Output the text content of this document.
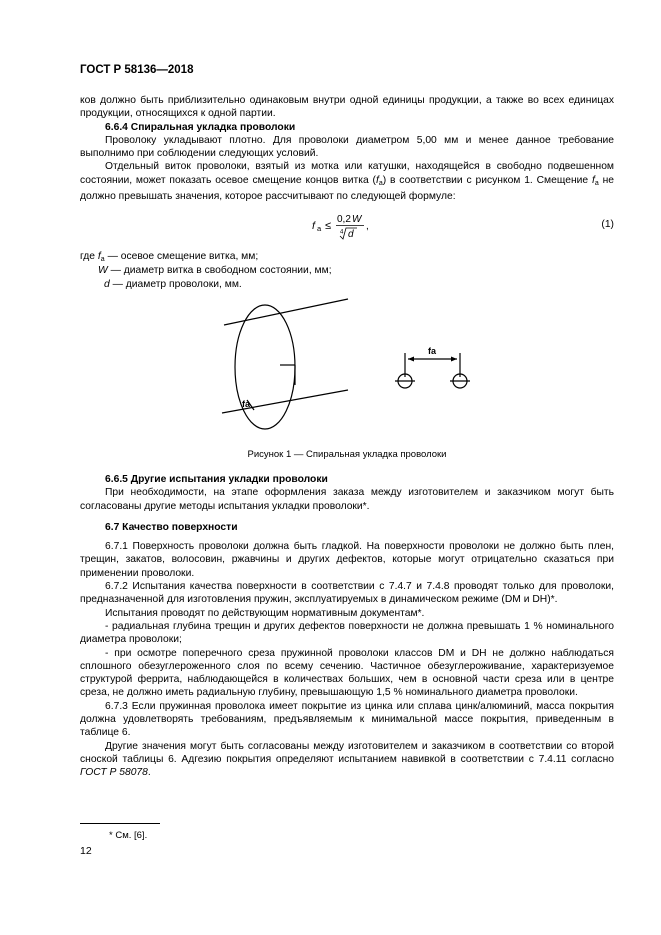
ГОСТ Р 58136—2018

ков должно быть приблизительно одинаковым внутри одной единицы продукции, а также во всех единицах продукции, относящихся к одной партии.

6.6.4 Спиральная укладка проволоки

Проволоку укладывают плотно. Для проволоки диаметром 5,00 мм и менее данное требование выполнимо при соблюдении следующих условий.

Отдельный виток проволоки, взятый из мотка или катушки, находящейся в свободно подвешенном состоянии, может показать осевое смещение концов витка $(f_a)$ в соответствии с рисунком 1. Смещение $f_a$ не должно превышать значения, которое рассчитывают по следующей формуле:

f a ≤
0,2 W
4 d
,	(1)
где $f_a$ — осевое смещение витка, мм;
W — диаметр витка в свободном состоянии, мм;
d — диаметр проволоки, мм.
fa
fa
Рисунок 1 — Спиральная укладка проволоки

6.6.5 Другие испытания укладки проволоки

При необходимости, на этапе оформления заказа между изготовителем и заказчиком могут быть согласованы другие методы испытания укладки проволоки*.

6.7 Качество поверхности

6.7.1 Поверхность проволоки должна быть гладкой. На поверхности проволоки не должно быть плен, трещин, закатов, волосовин, ржавчины и других дефектов, которые могут отрицательно сказаться при применении проволоки.

6.7.2 Испытания качества поверхности в соответствии с 7.4.7 и 7.4.8 проводят только для проволоки, предназначенной для изготовления пружин, эксплуатируемых в динамическом режиме (DM и DH)*.

Испытания проводят по действующим нормативным документам*.

- радиальная глубина трещин и других дефектов поверхности не должна превышать 1 % номинального диаметра проволоки;

- при осмотре поперечного среза пружинной проволоки классов DM и DH не должно наблюдаться сплошного обезуглероженного слоя по всему сечению. Частичное обезуглероживание, характеризуемое структурой феррита, наблюдающейся в количествах больших, чем в основной части среза или в центре среза, не должно иметь радиальную глубину, превышающую 1,5 % номинального диаметра проволоки.

6.7.3 Если пружинная проволока имеет покрытие из цинка или сплава цинк/алюминий, масса покрытия должна удовлетворять требованиям, предъявляемым к минимальной массе покрытия, приведенным в таблице 6.

Другие значения могут быть согласованы между изготовителем и заказчиком в соответствии со второй сноской таблицы 6. Адгезию покрытия определяют испытанием навивкой в соответствии с 7.4.11 согласно ГОСТ Р 58078.

* См. [6].
12
